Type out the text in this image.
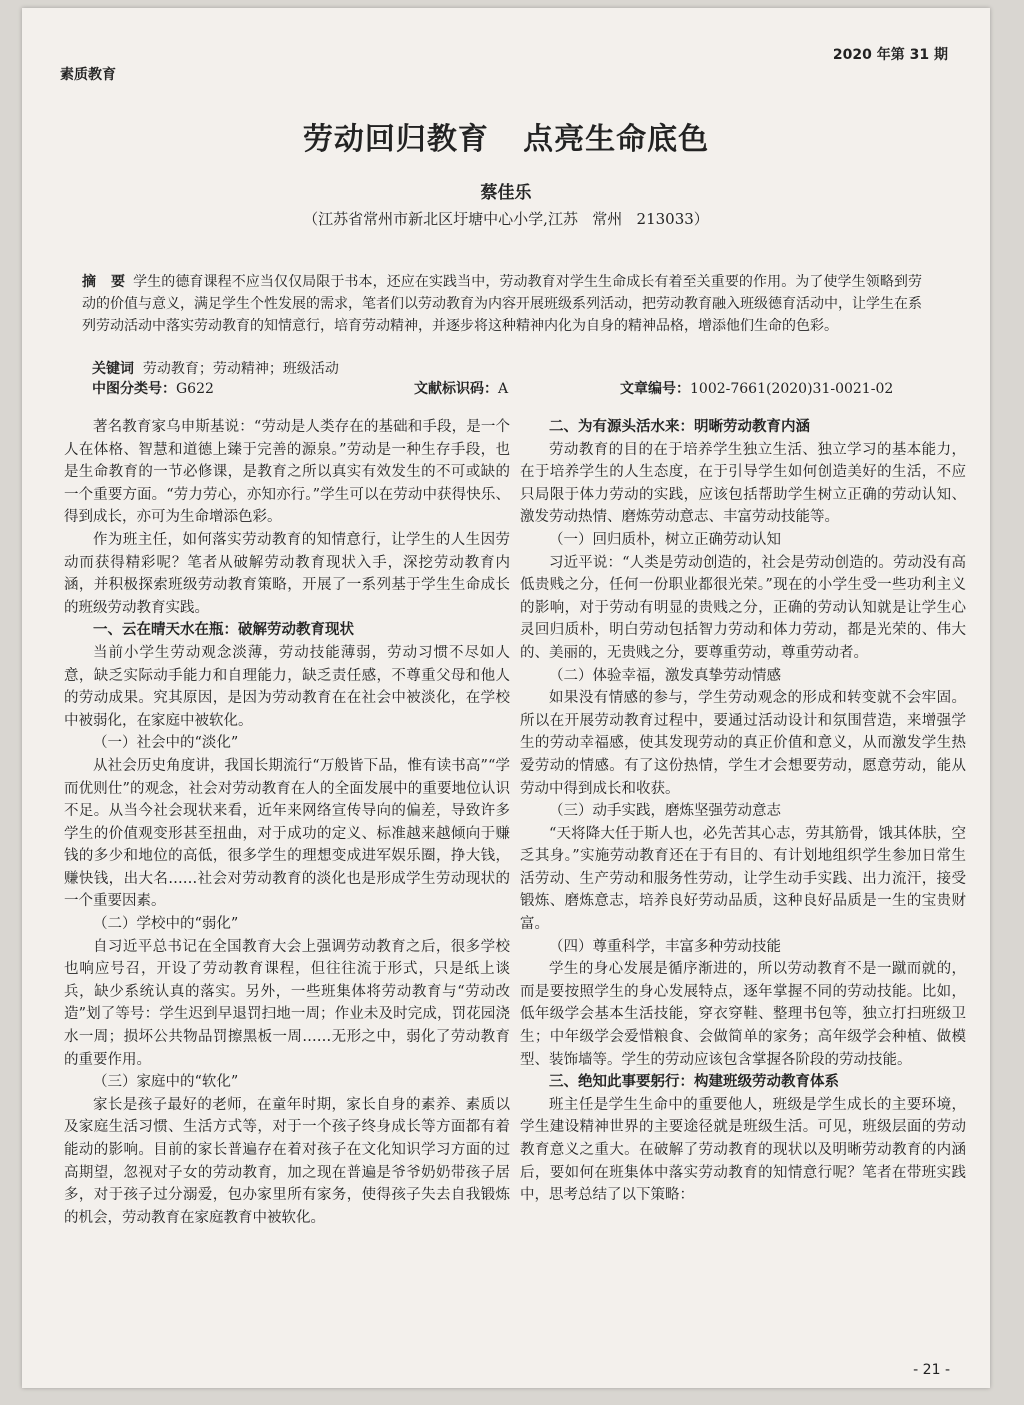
素质教育
2020 年第 31 期
劳动回归教育   点亮生命底色
蔡佳乐
（江苏省常州市新北区圩塘中心小学,江苏   常州   213033）
摘   要 学生的德育课程不应当仅仅局限于书本，还应在实践当中，劳动教育对学生生命成长有着至关重要的作用。为了使学生领略到劳动的价值与意义，满足学生个性发展的需求，笔者们以劳动教育为内容开展班级系列活动，把劳动教育融入班级德育活动中，让学生在系列劳动活动中落实劳动教育的知情意行，培育劳动精神，并逐步将这种精神内化为自身的精神品格，增添他们生命的色彩。
关键词 劳动教育；劳动精神；班级活动
中图分类号：G622	文献标识码：A	文章编号：1002-7661(2020)31-0021-02

著名教育家乌申斯基说：“劳动是人类存在的基础和手段，是一个人在体格、智慧和道德上臻于完善的源泉。”劳动是一种生存手段，也是生命教育的一节必修课，是教育之所以真实有效发生的不可或缺的一个重要方面。“劳力劳心，亦知亦行。”学生可以在劳动中获得快乐、得到成长，亦可为生命增添色彩。

作为班主任，如何落实劳动教育的知情意行，让学生的人生因劳动而获得精彩呢？笔者从破解劳动教育现状入手，深挖劳动教育内涵，并积极探索班级劳动教育策略，开展了一系列基于学生生命成长的班级劳动教育实践。

一、云在晴天水在瓶：破解劳动教育现状

当前小学生劳动观念淡薄，劳动技能薄弱，劳动习惯不尽如人意，缺乏实际动手能力和自理能力，缺乏责任感，不尊重父母和他人的劳动成果。究其原因，是因为劳动教育在在社会中被淡化，在学校中被弱化，在家庭中被软化。

（一）社会中的“淡化”

从社会历史角度讲，我国长期流行“万般皆下品，惟有读书高”“学而优则仕”的观念，社会对劳动教育在人的全面发展中的重要地位认识不足。从当今社会现状来看，近年来网络宣传导向的偏差，导致许多学生的价值观变形甚至扭曲，对于成功的定义、标准越来越倾向于赚钱的多少和地位的高低，很多学生的理想变成进军娱乐圈，挣大钱，赚快钱，出大名……社会对劳动教育的淡化也是形成学生劳动现状的一个重要因素。

（二）学校中的“弱化”

自习近平总书记在全国教育大会上强调劳动教育之后，很多学校也响应号召，开设了劳动教育课程，但往往流于形式，只是纸上谈兵，缺少系统认真的落实。另外，一些班集体将劳动教育与“劳动改造”划了等号：学生迟到早退罚扫地一周；作业未及时完成，罚花园浇水一周；损坏公共物品罚擦黑板一周……无形之中，弱化了劳动教育的重要作用。

（三）家庭中的“软化”

家长是孩子最好的老师，在童年时期，家长自身的素养、素质以及家庭生活习惯、生活方式等，对于一个孩子终身成长等方面都有着能动的影响。目前的家长普遍存在着对孩子在文化知识学习方面的过高期望，忽视对子女的劳动教育，加之现在普遍是爷爷奶奶带孩子居多，对于孩子过分溺爱，包办家里所有家务，使得孩子失去自我锻炼的机会，劳动教育在家庭教育中被软化。

二、为有源头活水来：明晰劳动教育内涵

劳动教育的目的在于培养学生独立生活、独立学习的基本能力，在于培养学生的人生态度，在于引导学生如何创造美好的生活，不应只局限于体力劳动的实践，应该包括帮助学生树立正确的劳动认知、激发劳动热情、磨炼劳动意志、丰富劳动技能等。

（一）回归质朴，树立正确劳动认知

习近平说：“人类是劳动创造的，社会是劳动创造的。劳动没有高低贵贱之分，任何一份职业都很光荣。”现在的小学生受一些功利主义的影响，对于劳动有明显的贵贱之分，正确的劳动认知就是让学生心灵回归质朴，明白劳动包括智力劳动和体力劳动，都是光荣的、伟大的、美丽的，无贵贱之分，要尊重劳动，尊重劳动者。

（二）体验幸福，激发真挚劳动情感

如果没有情感的参与，学生劳动观念的形成和转变就不会牢固。所以在开展劳动教育过程中，要通过活动设计和氛围营造，来增强学生的劳动幸福感，使其发现劳动的真正价值和意义，从而激发学生热爱劳动的情感。有了这份热情，学生才会想要劳动，愿意劳动，能从劳动中得到成长和收获。

（三）动手实践，磨炼坚强劳动意志

“天将降大任于斯人也，必先苦其心志，劳其筋骨，饿其体肤，空乏其身。”实施劳动教育还在于有目的、有计划地组织学生参加日常生活劳动、生产劳动和服务性劳动，让学生动手实践、出力流汗，接受锻炼、磨炼意志，培养良好劳动品质，这种良好品质是一生的宝贵财富。

（四）尊重科学，丰富多种劳动技能

学生的身心发展是循序渐进的，所以劳动教育不是一蹴而就的，而是要按照学生的身心发展特点，逐年掌握不同的劳动技能。比如，低年级学会基本生活技能，穿衣穿鞋、整理书包等，独立打扫班级卫生；中年级学会爱惜粮食、会做简单的家务；高年级学会种植、做模型、装饰墙等。学生的劳动应该包含掌握各阶段的劳动技能。

三、绝知此事要躬行：构建班级劳动教育体系

班主任是学生生命中的重要他人，班级是学生成长的主要环境，学生建设精神世界的主要途径就是班级生活。可见，班级层面的劳动教育意义之重大。在破解了劳动教育的现状以及明晰劳动教育的内涵后，要如何在班集体中落实劳动教育的知情意行呢？笔者在带班实践中，思考总结了以下策略：

- 21 -
